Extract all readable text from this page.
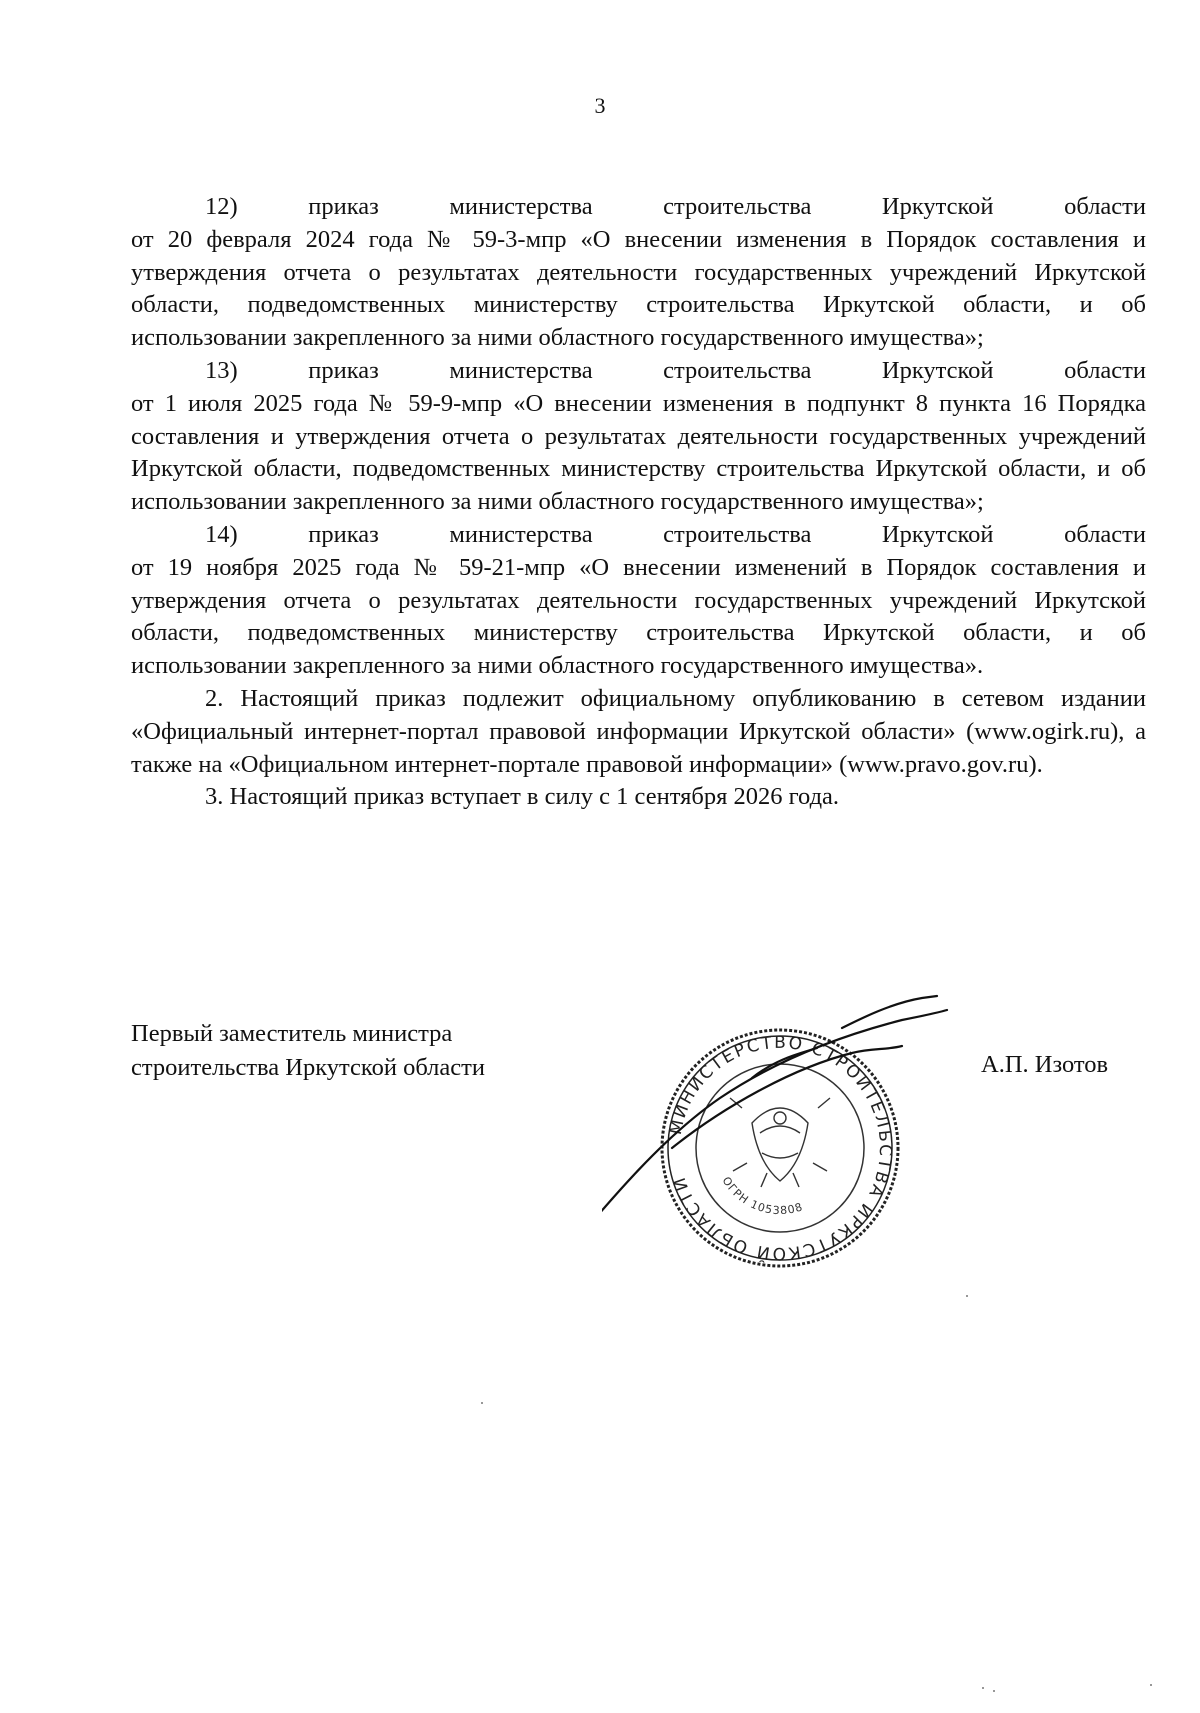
3

12) приказ министерства строительства Иркутской области

от 20 февраля 2024 года № 59-3-мпр «О внесении изменения в Порядок составления и утверждения отчета о результатах деятельности государственных учреждений Иркутской области, подведомственных министерству строительства Иркутской области, и об использовании закрепленного за ними областного государственного имущества»;

13) приказ министерства строительства Иркутской области

от 1 июля 2025 года № 59-9-мпр «О внесении изменения в подпункт 8 пункта 16 Порядка составления и утверждения отчета о результатах деятельности государственных учреждений Иркутской области, подведомственных министерству строительства Иркутской области, и об использовании закрепленного за ними областного государственного имущества»;

14) приказ министерства строительства Иркутской области

от 19 ноября 2025 года № 59-21-мпр «О внесении изменений в Порядок составления и утверждения отчета о результатах деятельности государственных учреждений Иркутской области, подведомственных министерству строительства Иркутской области, и об использовании закрепленного за ними областного государственного имущества».

2. Настоящий приказ подлежит официальному опубликованию в сетевом издании «Официальный интернет-портал правовой информации Иркутской области» (www.ogirk.ru), а также на «Официальном интернет-портале правовой информации» (www.pravo.gov.ru).

3. Настоящий приказ вступает в силу с 1 сентября 2026 года.

Первый заместитель министра
строительства Иркутской области	А.П. Изотов
МИНИСТЕРСТВО СТРОИТЕЛЬСТВА ИРКУТСКОЙ ОБЛАСТИ	ОГРН 1053808
